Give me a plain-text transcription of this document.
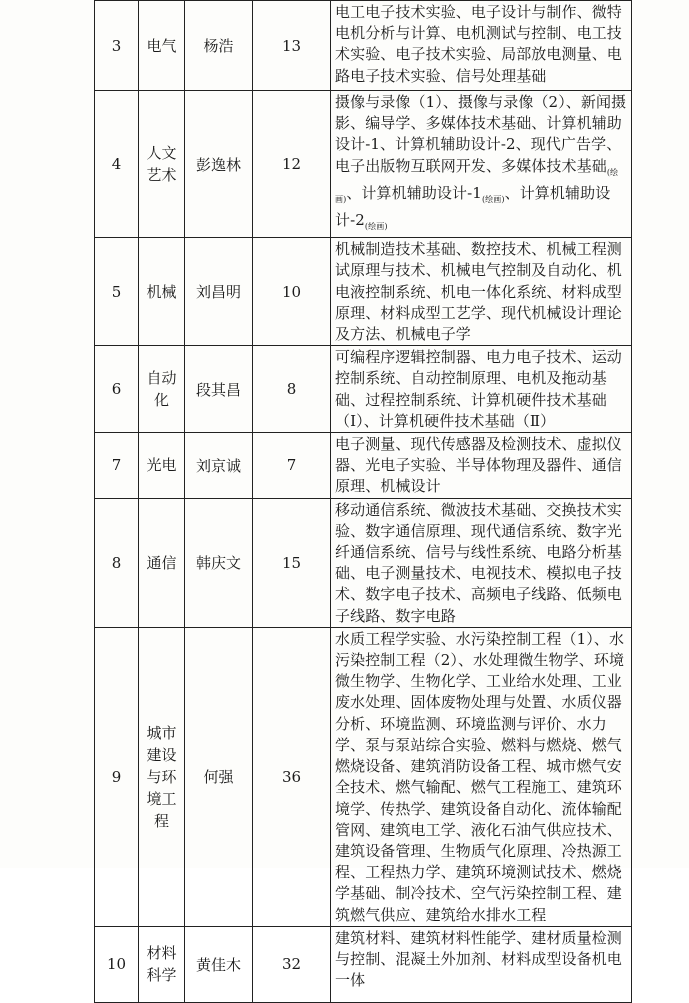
3	电气	杨浩	13	电工电子技术实验、电子设计与制作、微特电机分析与计算、电机测试与控制、电工技术实验、电子技术实验、局部放电测量、电路电子技术实验、信号处理基础
4	人文艺术	彭逸林	12	摄像与录像（1）、摄像与录像（2）、新闻摄影、编导学、多媒体技术基础、计算机辅助设计-1、计算机辅助设计-2、现代广告学、电子出版物互联网开发、多媒体技术基础$_{(绘画)}$、计算机辅助设计$-1_{(绘画)}$、计算机辅助设计$-2_{(绘画)}$
5	机械	刘昌明	10	机械制造技术基础、数控技术、机械工程测试原理与技术、机械电气控制及自动化、机电液控制系统、机电一体化系统、材料成型原理、材料成型工艺学、现代机械设计理论及方法、机械电子学
6	自动化	段其昌	8	可编程序逻辑控制器、电力电子技术、运动控制系统、自动控制原理、电机及拖动基础、过程控制系统、计算机硬件技术基础（Ⅰ）、计算机硬件技术基础（Ⅱ）
7	光电	刘京诚	7	电子测量、现代传感器及检测技术、虚拟仪器、光电子实验、半导体物理及器件、通信原理、机械设计
8	通信	韩庆文	15	移动通信系统、微波技术基础、交换技术实验、数字通信原理、现代通信系统、数字光纤通信系统、信号与线性系统、电路分析基础、电子测量技术、电视技术、模拟电子技术、数字电子技术、高频电子线路、低频电子线路、数字电路
9	城市建设与环境工程	何强	36	水质工程学实验、水污染控制工程（1）、水污染控制工程（2）、水处理微生物学、环境微生物学、生物化学、工业给水处理、工业废水处理、固体废物处理与处置、水质仪器分析、环境监测、环境监测与评价、水力学、泵与泵站综合实验、燃料与燃烧、燃气燃烧设备、建筑消防设备工程、城市燃气安全技术、燃气输配、燃气工程施工、建筑环境学、传热学、建筑设备自动化、流体输配管网、建筑电工学、液化石油气供应技术、建筑设备管理、生物质气化原理、冷热源工程、工程热力学、建筑环境测试技术、燃烧学基础、制冷技术、空气污染控制工程、建筑燃气供应、建筑给水排水工程
10	材料科学	黄佳木	32	建筑材料、建筑材料性能学、建材质量检测与控制、混凝土外加剂、材料成型设备机电一体
